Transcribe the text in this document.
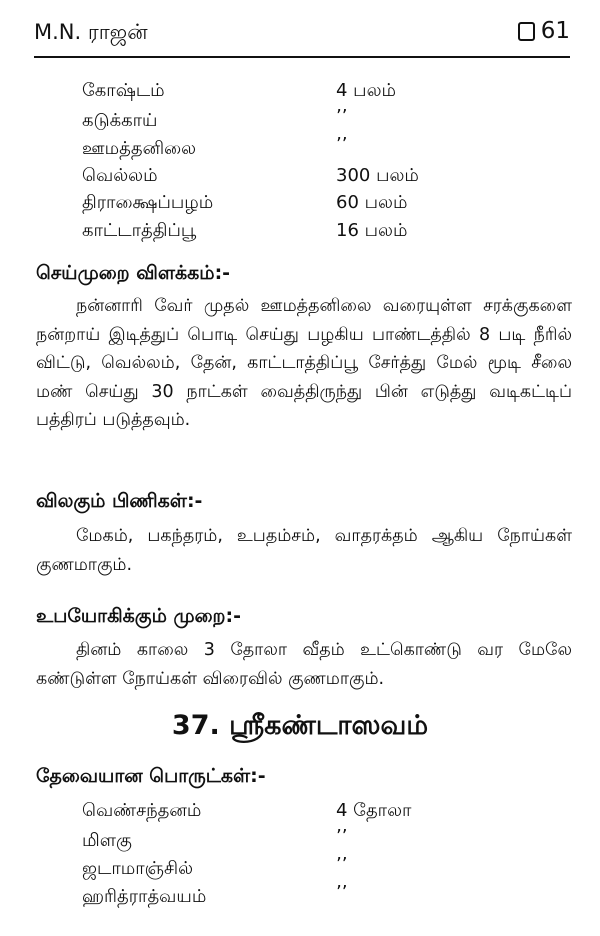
M.N. ராஜன்	61
கோஷ்டம்	4 பலம்
கடுக்காய்	’’
ஊமத்தனிலை	’’
வெல்லம்	300 பலம்
திராக்ஷைப்பழம்	60 பலம்
காட்டாத்திப்பூ	16 பலம்
செய்முறை விளக்கம்:-
நன்னாரி வேர் முதல் ஊமத்தனிலை வரையுள்ள சரக்குகளை நன்றாய் இடித்துப் பொடி செய்து பழகிய பாண்டத்தில் 8 படி நீரில் விட்டு, வெல்லம், தேன், காட்டாத்திப்பூ சேர்த்து மேல் மூடி சீலை மண் செய்து 30 நாட்கள் வைத்திருந்து பின் எடுத்து வடிகட்டிப் பத்திரப் படுத்தவும்.
விலகும் பிணிகள்:-
மேகம், பகந்தரம், உபதம்சம், வாதரக்தம் ஆகிய நோய்கள் குணமாகும்.
உபயோகிக்கும் முறை:-
தினம் காலை 3 தோலா வீதம் உட்கொண்டு வர மேலே கண்டுள்ள நோய்கள் விரைவில் குணமாகும்.
37. ஸ்ரீகண்டாஸவம்
தேவையான பொருட்கள்:-
வெண்சந்தனம்	4 தோலா
மிளகு	’’
ஜடாமாஞ்சில்	’’
ஹரித்ராத்வயம்	’’
